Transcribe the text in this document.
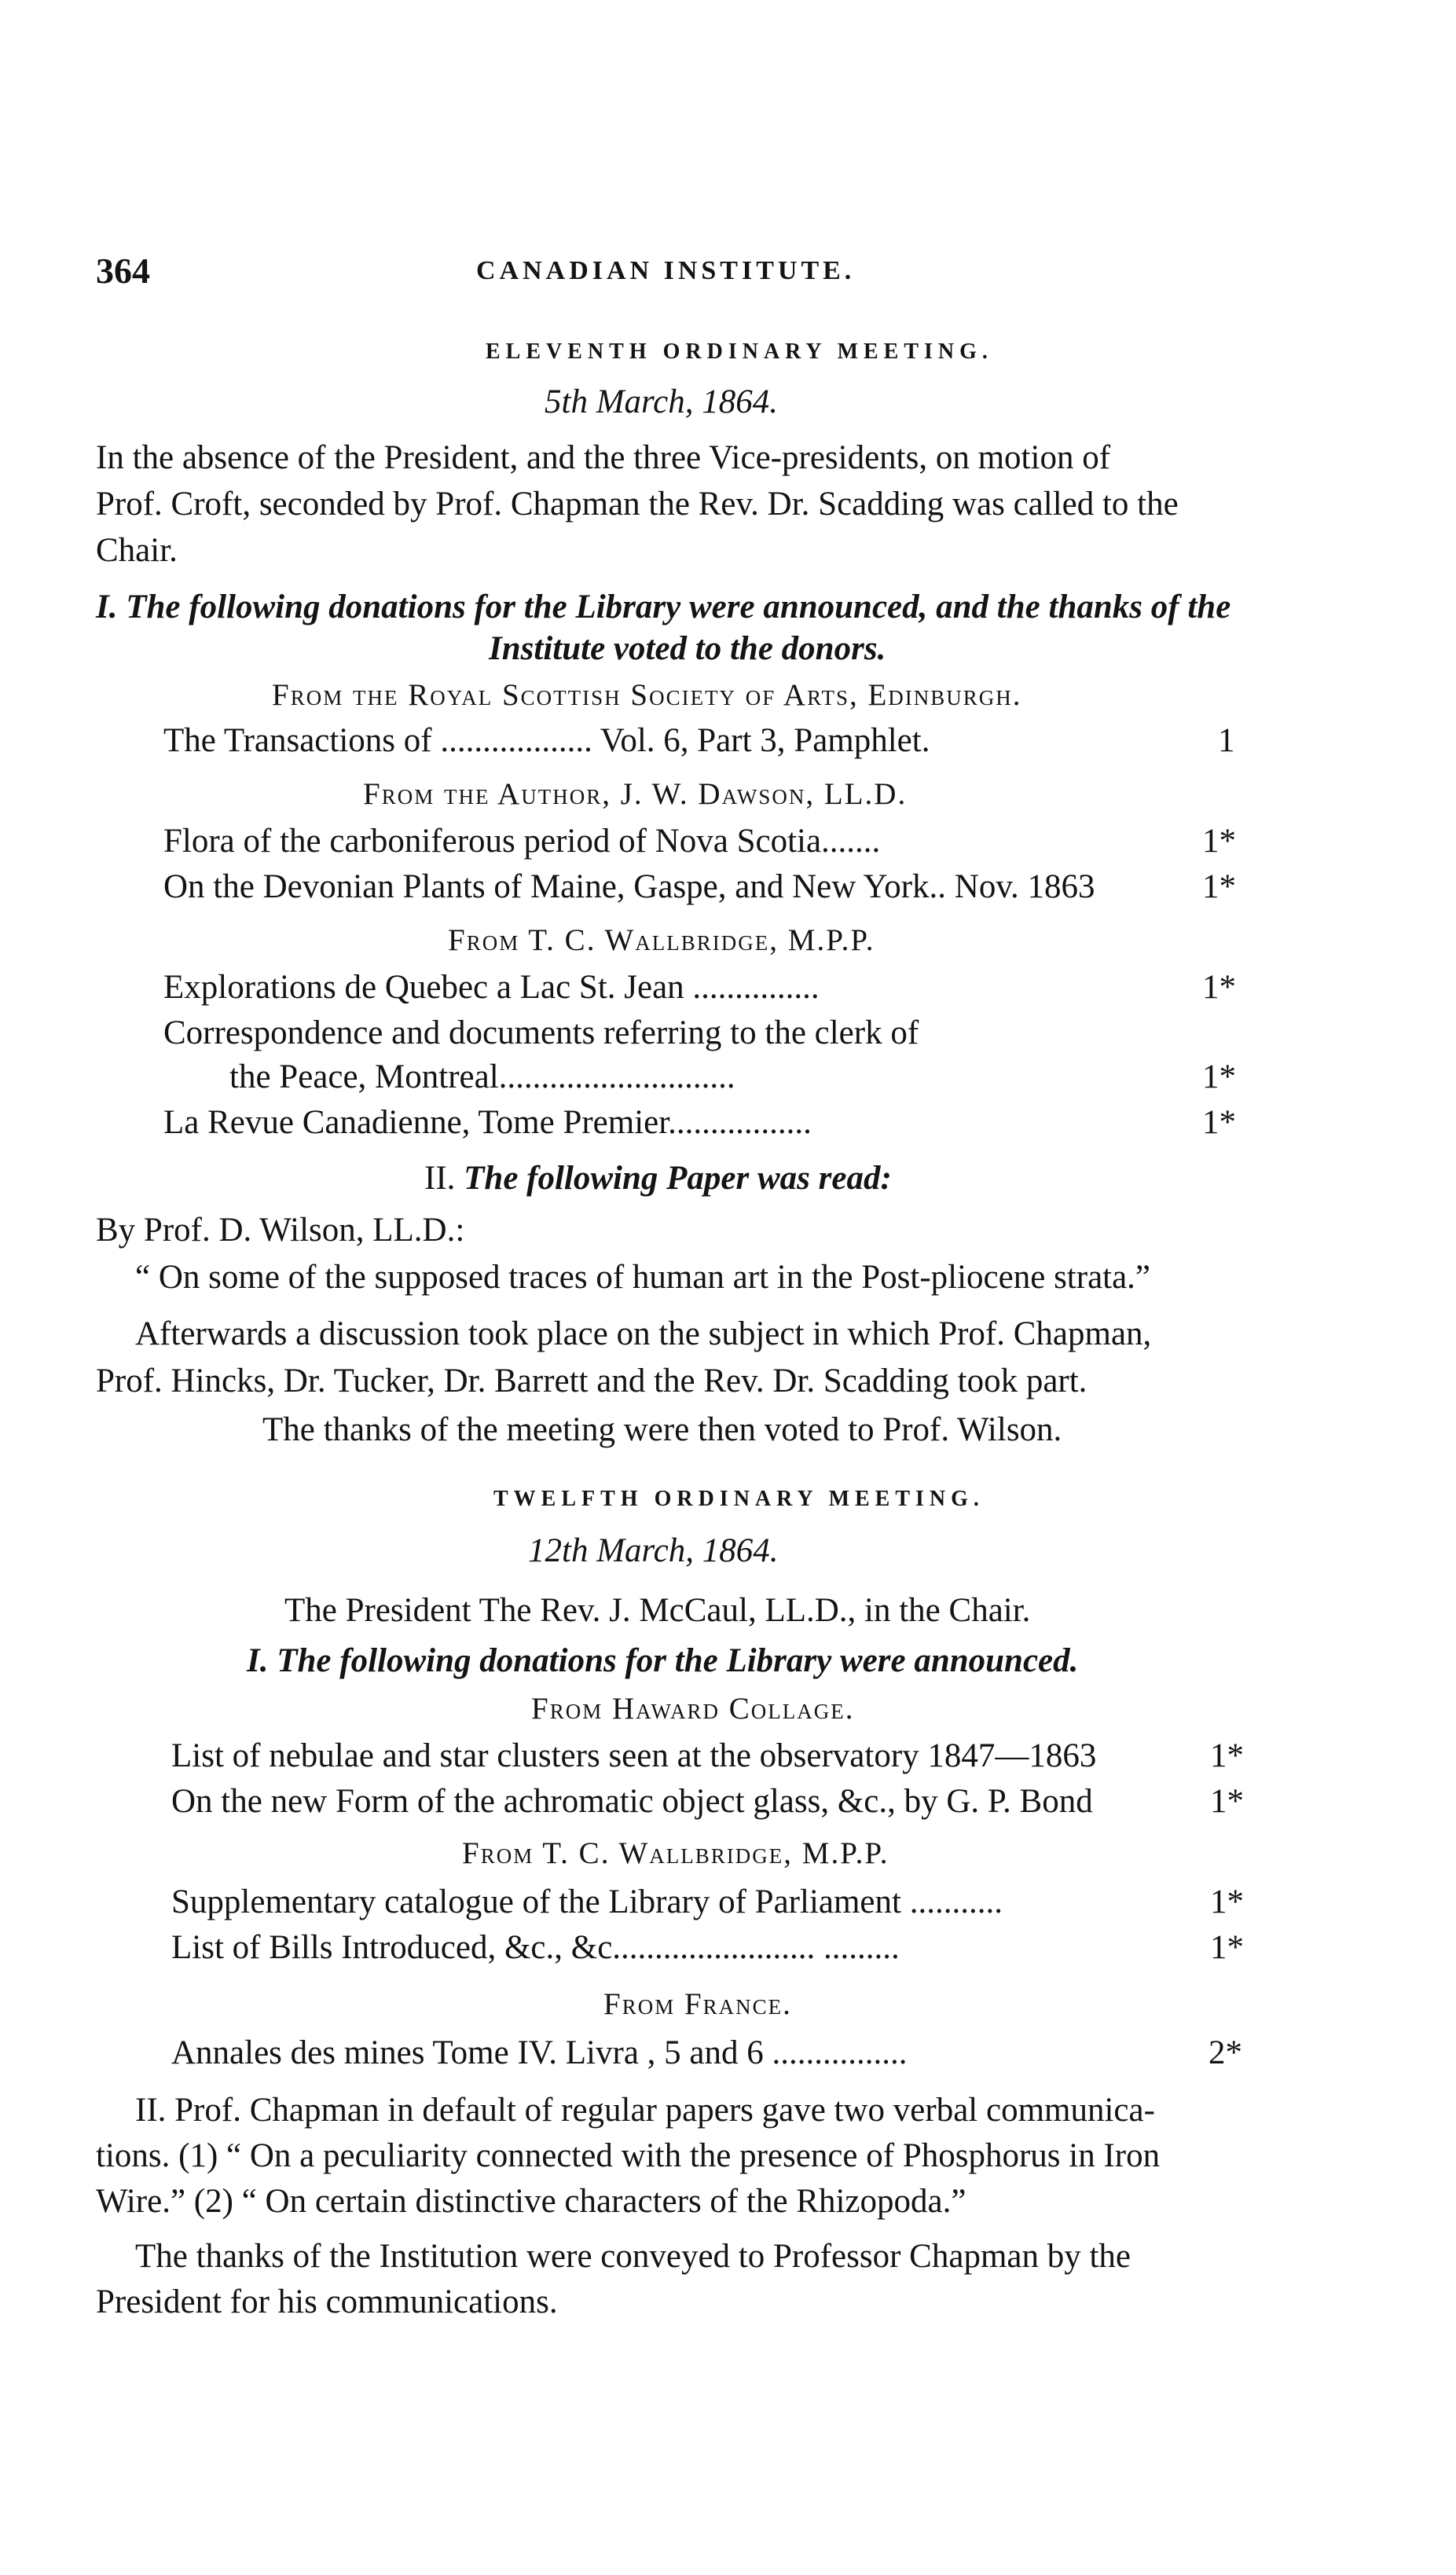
364	CANADIAN INSTITUTE.
ELEVENTH ORDINARY MEETING.
5th March, 1864.
In the absence of the President, and the three Vice-presidents, on motion of
Prof. Croft, seconded by Prof. Chapman the Rev. Dr. Scadding was called to the
Chair.
I. The following donations for the Library were announced, and the thanks of the
Institute voted to the donors.
From the Royal Scottish Society of Arts, Edinburgh.
The Transactions of .................. Vol. 6, Part 3, Pamphlet.	1
From the Author, J. W. Dawson, LL.D.
Flora of the carboniferous period of Nova Scotia.......	1*
On the Devonian Plants of Maine, Gaspe, and New York.. Nov. 1863	1*
From T. C. Wallbridge, M.P.P.
Explorations de Quebec a Lac St. Jean ...............	1*
Correspondence and documents referring to the clerk of
the Peace, Montreal............................	1*
La Revue Canadienne, Tome Premier.................	1*
II. The following Paper was read:
By Prof. D. Wilson, LL.D.:
“ On some of the supposed traces of human art in the Post-pliocene strata.”
Afterwards a discussion took place on the subject in which Prof. Chapman,
Prof. Hincks, Dr. Tucker, Dr. Barrett and the Rev. Dr. Scadding took part.
The thanks of the meeting were then voted to Prof. Wilson.
TWELFTH ORDINARY MEETING.
12th March, 1864.
The President The Rev. J. McCaul, LL.D., in the Chair.
I. The following donations for the Library were announced.
From Haward Collage.
List of nebulae and star clusters seen at the observatory 1847—1863	1*
On the new Form of the achromatic object glass, &c., by G. P. Bond	1*
From T. C. Wallbridge, M.P.P.
Supplementary catalogue of the Library of Parliament ...........	1*
List of Bills Introduced, &c., &c........................ .........	1*
From France.
Annales des mines Tome IV. Livra , 5 and 6 ................	2*
II. Prof. Chapman in default of regular papers gave two verbal communica-
tions. (1) “ On a peculiarity connected with the presence of Phosphorus in Iron
Wire.” (2) “ On certain distinctive characters of the Rhizopoda.”
The thanks of the Institution were conveyed to Professor Chapman by the
President for his communications.
